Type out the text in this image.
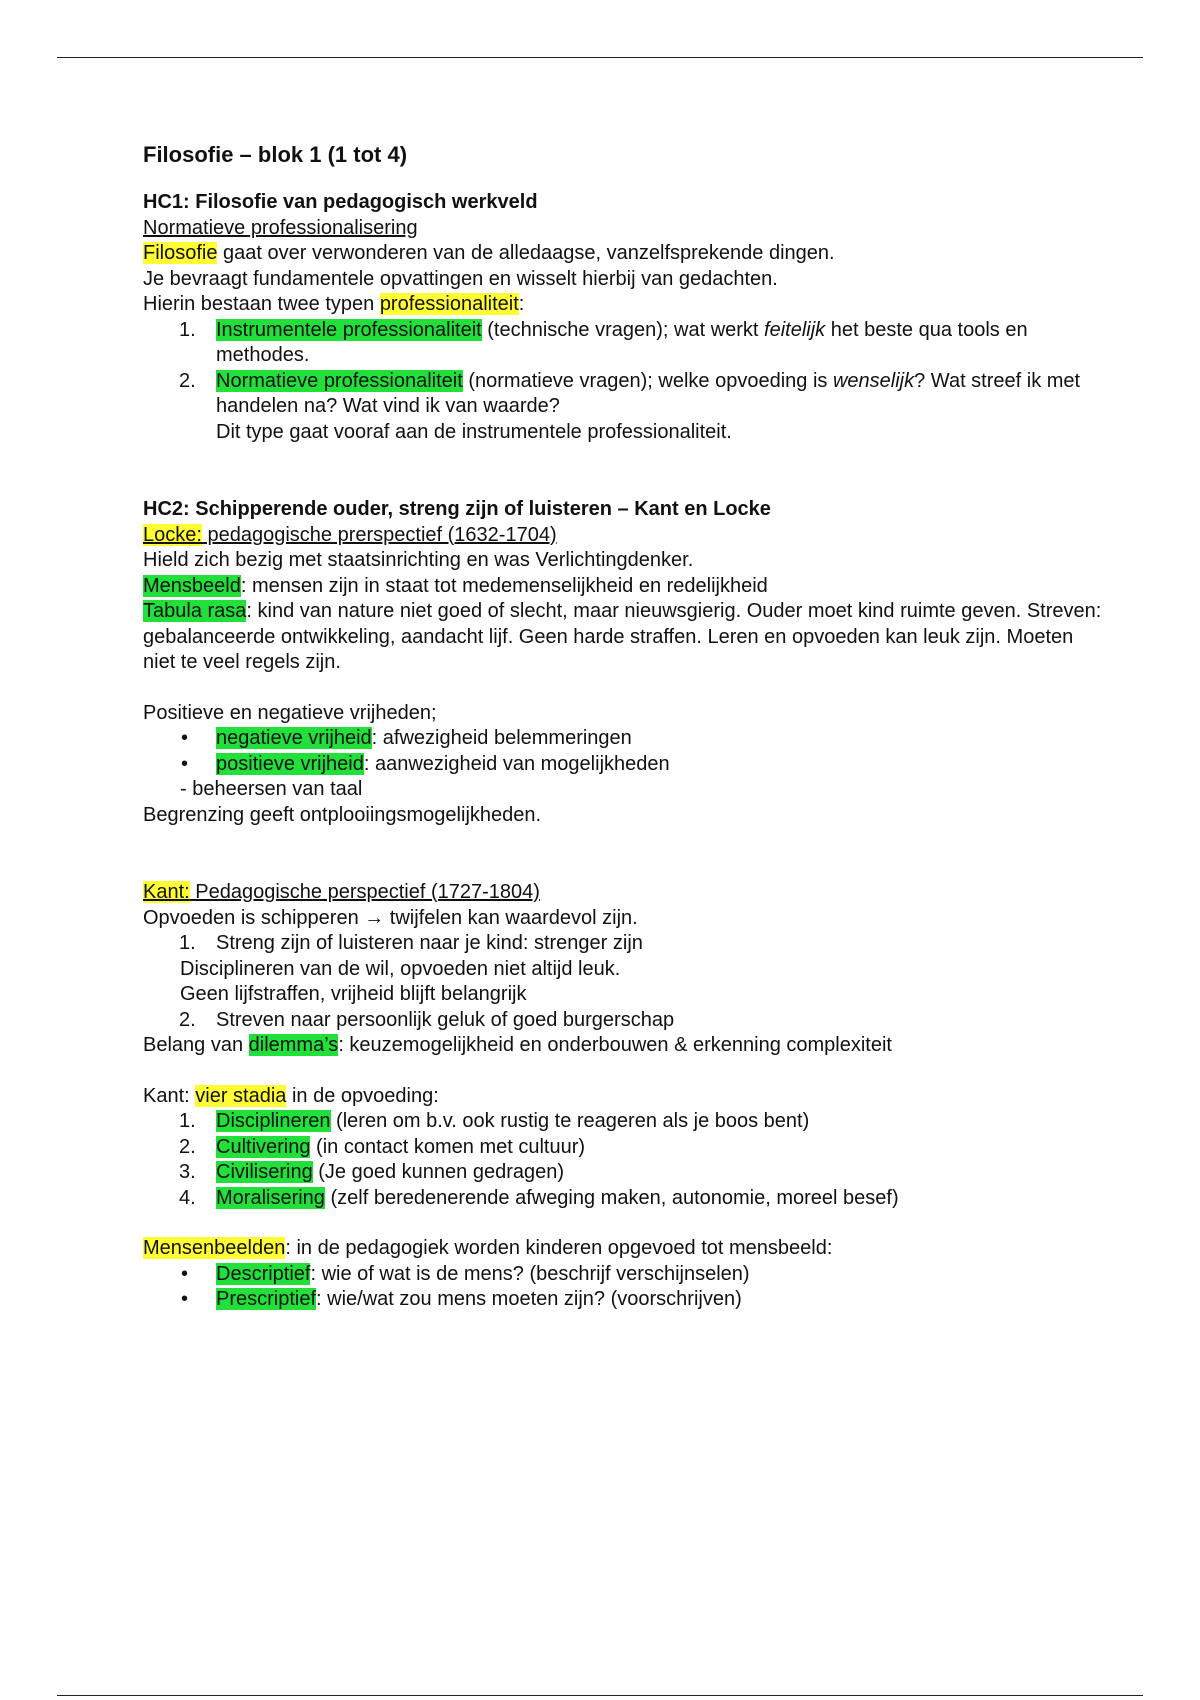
Filosofie – blok 1 (1 tot 4)

HC1: Filosofie van pedagogisch werkveld

Normatieve professionalisering

Filosofie gaat over verwonderen van de alledaagse, vanzelfsprekende dingen.

Je bevraagt fundamentele opvattingen en wisselt hierbij van gedachten.

Hierin bestaan twee typen professionaliteit:

1. Instrumentele professionaliteit (technische vragen); wat werkt feitelijk het beste qua tools en methodes.
2. Normatieve professionaliteit (normatieve vragen); welke opvoeding is wenselijk? Wat streef ik met handelen na? Wat vind ik van waarde?
Dit type gaat vooraf aan de instrumentele professionaliteit.

HC2: Schipperende ouder, streng zijn of luisteren – Kant en Locke

Locke: pedagogische prerspectief (1632-1704)

Hield zich bezig met staatsinrichting en was Verlichtingdenker.

Mensbeeld: mensen zijn in staat tot medemenselijkheid en redelijkheid

Tabula rasa: kind van nature niet goed of slecht, maar nieuwsgierig. Ouder moet kind ruimte geven. Streven: gebalanceerde ontwikkeling, aandacht lijf. Geen harde straffen. Leren en opvoeden kan leuk zijn. Moeten niet te veel regels zijn.

Positieve en negatieve vrijheden;

• negatieve vrijheid: afwezigheid belemmeringen
• positieve vrijheid: aanwezigheid van mogelijkheden

- beheersen van taal

Begrenzing geeft ontplooiingsmogelijkheden.

Kant: Pedagogische perspectief (1727-1804)

Opvoeden is schipperen → twijfelen kan waardevol zijn.

1. Streng zijn of luisteren naar je kind: strenger zijn

Disciplineren van de wil, opvoeden niet altijd leuk.

Geen lijfstraffen, vrijheid blijft belangrijk

2. Streven naar persoonlijk geluk of goed burgerschap

Belang van dilemma’s: keuzemogelijkheid en onderbouwen & erkenning complexiteit

Kant: vier stadia in de opvoeding:

1. Disciplineren (leren om b.v. ook rustig te reageren als je boos bent)
2. Cultivering (in contact komen met cultuur)
3. Civilisering (Je goed kunnen gedragen)
4. Moralisering (zelf beredenerende afweging maken, autonomie, moreel besef)

Mensenbeelden: in de pedagogiek worden kinderen opgevoed tot mensbeeld:

• Descriptief: wie of wat is de mens? (beschrijf verschijnselen)
• Prescriptief: wie/wat zou mens moeten zijn? (voorschrijven)
